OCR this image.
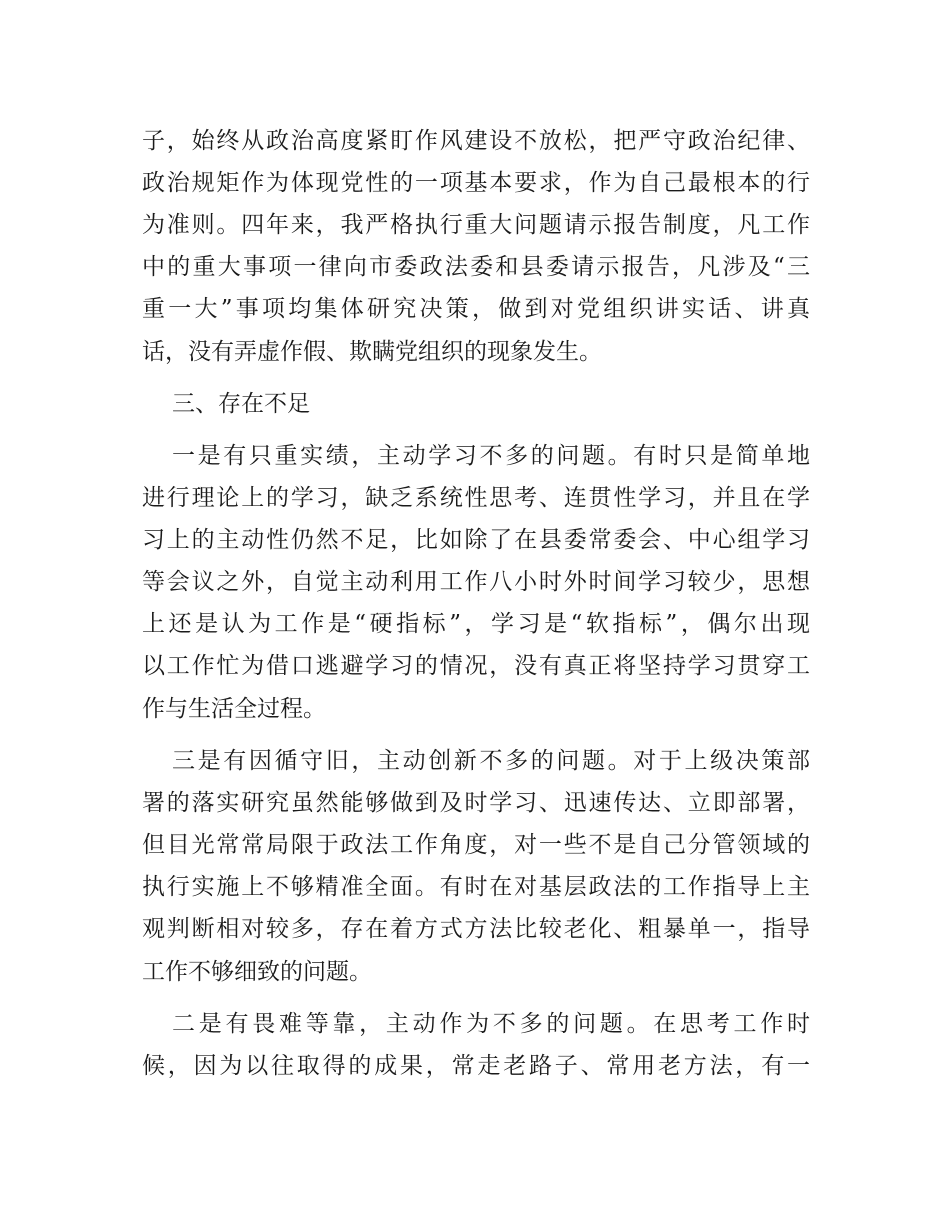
子，始终从政治高度紧盯作风建设不放松，把严守政治纪律、
政治规矩作为体现党性的一项基本要求，作为自己最根本的行
为准则。四年来，我严格执行重大问题请示报告制度，凡工作
中的重大事项一律向市委政法委和县委请示报告，凡涉及“三
重一大”事项均集体研究决策，做到对党组织讲实话、讲真
话，没有弄虚作假、欺瞒党组织的现象发生。
三、存在不足
一是有只重实绩，主动学习不多的问题。有时只是简单地
进行理论上的学习，缺乏系统性思考、连贯性学习，并且在学
习上的主动性仍然不足，比如除了在县委常委会、中心组学习
等会议之外，自觉主动利用工作八小时外时间学习较少，思想
上还是认为工作是“硬指标”，学习是“软指标”，偶尔出现
以工作忙为借口逃避学习的情况，没有真正将坚持学习贯穿工
作与生活全过程。
三是有因循守旧，主动创新不多的问题。对于上级决策部
署的落实研究虽然能够做到及时学习、迅速传达、立即部署，
但目光常常局限于政法工作角度，对一些不是自己分管领域的
执行实施上不够精准全面。有时在对基层政法的工作指导上主
观判断相对较多，存在着方式方法比较老化、粗暴单一，指导
工作不够细致的问题。
二是有畏难等靠，主动作为不多的问题。在思考工作时
候，因为以往取得的成果，常走老路子、常用老方法，有一
